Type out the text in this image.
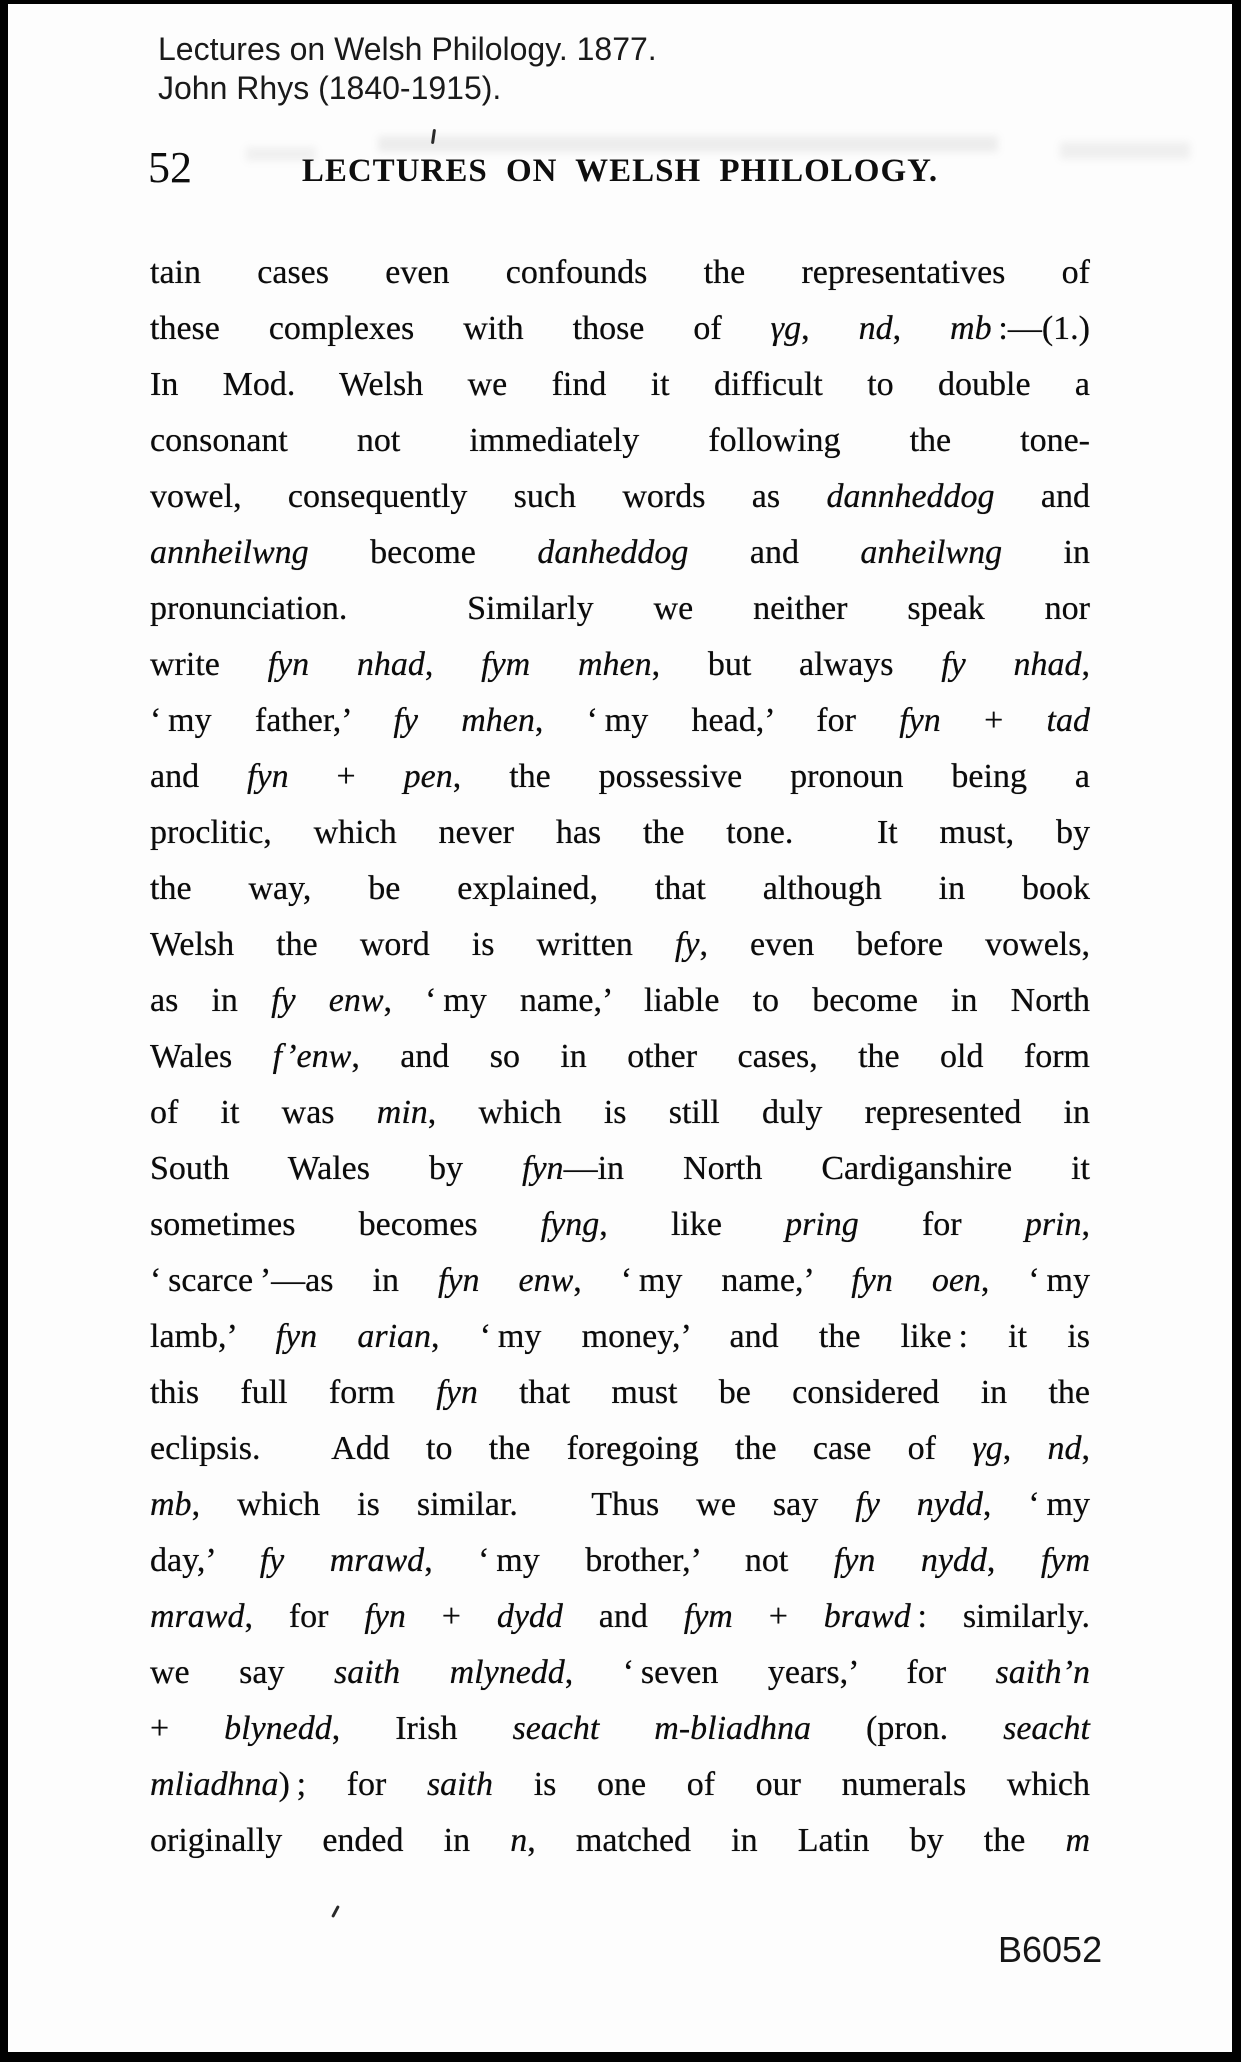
Lectures on Welsh Philology. 1877.
John Rhys (1840-1915).
52	LECTURES ON WELSH PHILOLOGY.
tain cases even confounds the representatives of
these complexes with those of γg, nd, mb :—(1.)
In Mod. Welsh we find it difficult to double a
consonant not immediately following the tone-
vowel, consequently such words as dannheddog and
annheilwng become danheddog and anheilwng in
pronunciation.  Similarly we neither speak nor
write fyn nhad, fym mhen, but always fy nhad,
‘ my father,’ fy mhen, ‘ my head,’ for fyn + tad
and fyn + pen, the possessive pronoun being a
proclitic, which never has the tone.  It must, by
the way, be explained, that although in book
Welsh the word is written fy, even before vowels,
as in fy enw, ‘ my name,’ liable to become in North
Wales f’enw, and so in other cases, the old form
of it was min, which is still duly represented in
South Wales by fyn—in North Cardiganshire it
sometimes becomes fyng, like pring for prin,
‘ scarce ’—as in fyn enw, ‘ my name,’ fyn oen, ‘ my
lamb,’ fyn arian, ‘ my money,’ and the like : it is
this full form fyn that must be considered in the
eclipsis.  Add to the foregoing the case of γg, nd,
mb, which is similar.  Thus we say fy nydd, ‘ my
day,’ fy mrawd, ‘ my brother,’ not fyn nydd, fym
mrawd, for fyn + dydd and fym + brawd : similarly.
we say saith mlynedd, ‘ seven years,’ for saith’n
+ blynedd, Irish seacht m-bliadhna (pron. seacht
mliadhna) ; for saith is one of our numerals which
originally ended in n, matched in Latin by the m
B6052
